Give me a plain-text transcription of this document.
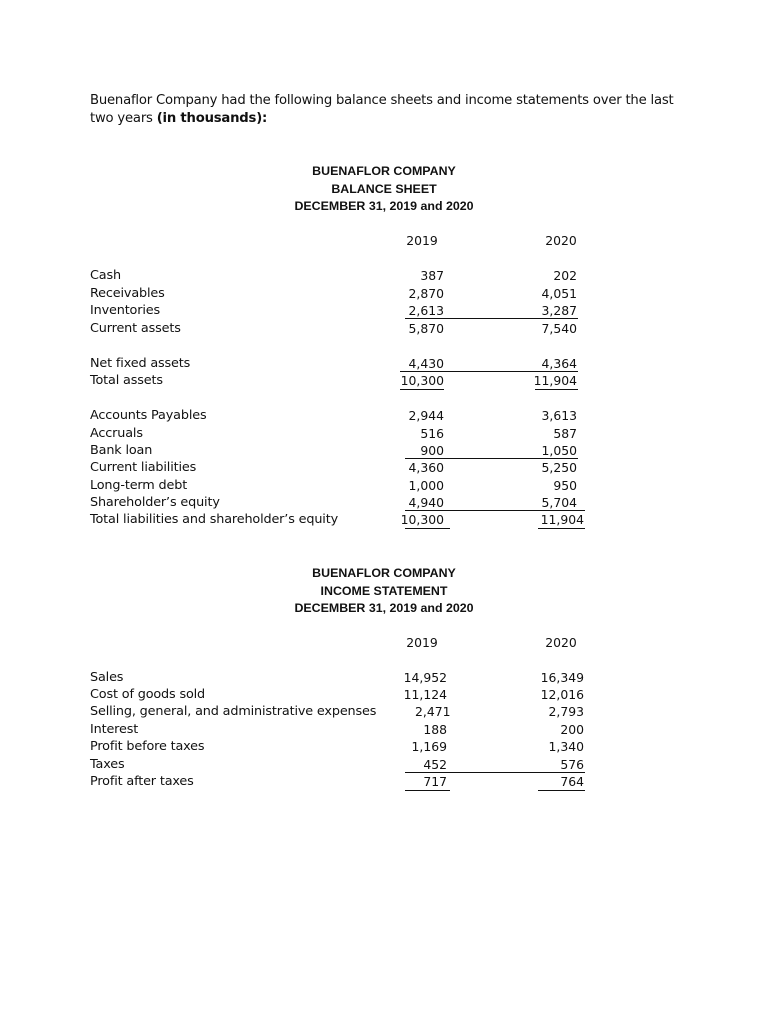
Buenaflor Company had the following balance sheets and income statements over the last two years (in thousands):
BUENAFLOR COMPANY
BALANCE SHEET
DECEMBER 31, 2019 and 2020
2019	2020
Cash	387	202
Receivables	2,870	4,051
Inventories	2,613	3,287
Current assets	5,870	7,540
Net fixed assets	4,430	4,364
Total assets	10,300	11,904
Accounts Payables	2,944	3,613
Accruals	516	587
Bank loan	900	1,050
Current liabilities	4,360	5,250
Long-term debt	1,000	950
Shareholder’s equity	4,940	5,704
Total liabilities and shareholder’s equity	10,300	11,904
BUENAFLOR COMPANY
INCOME STATEMENT
DECEMBER 31, 2019 and 2020
2019	2020
Sales	14,952	16,349
Cost of goods sold	11,124	12,016
Selling, general, and administrative expenses	2,471	2,793
Interest	188	200
Profit before taxes	1,169	1,340
Taxes	452	576
Profit after taxes	717	764
